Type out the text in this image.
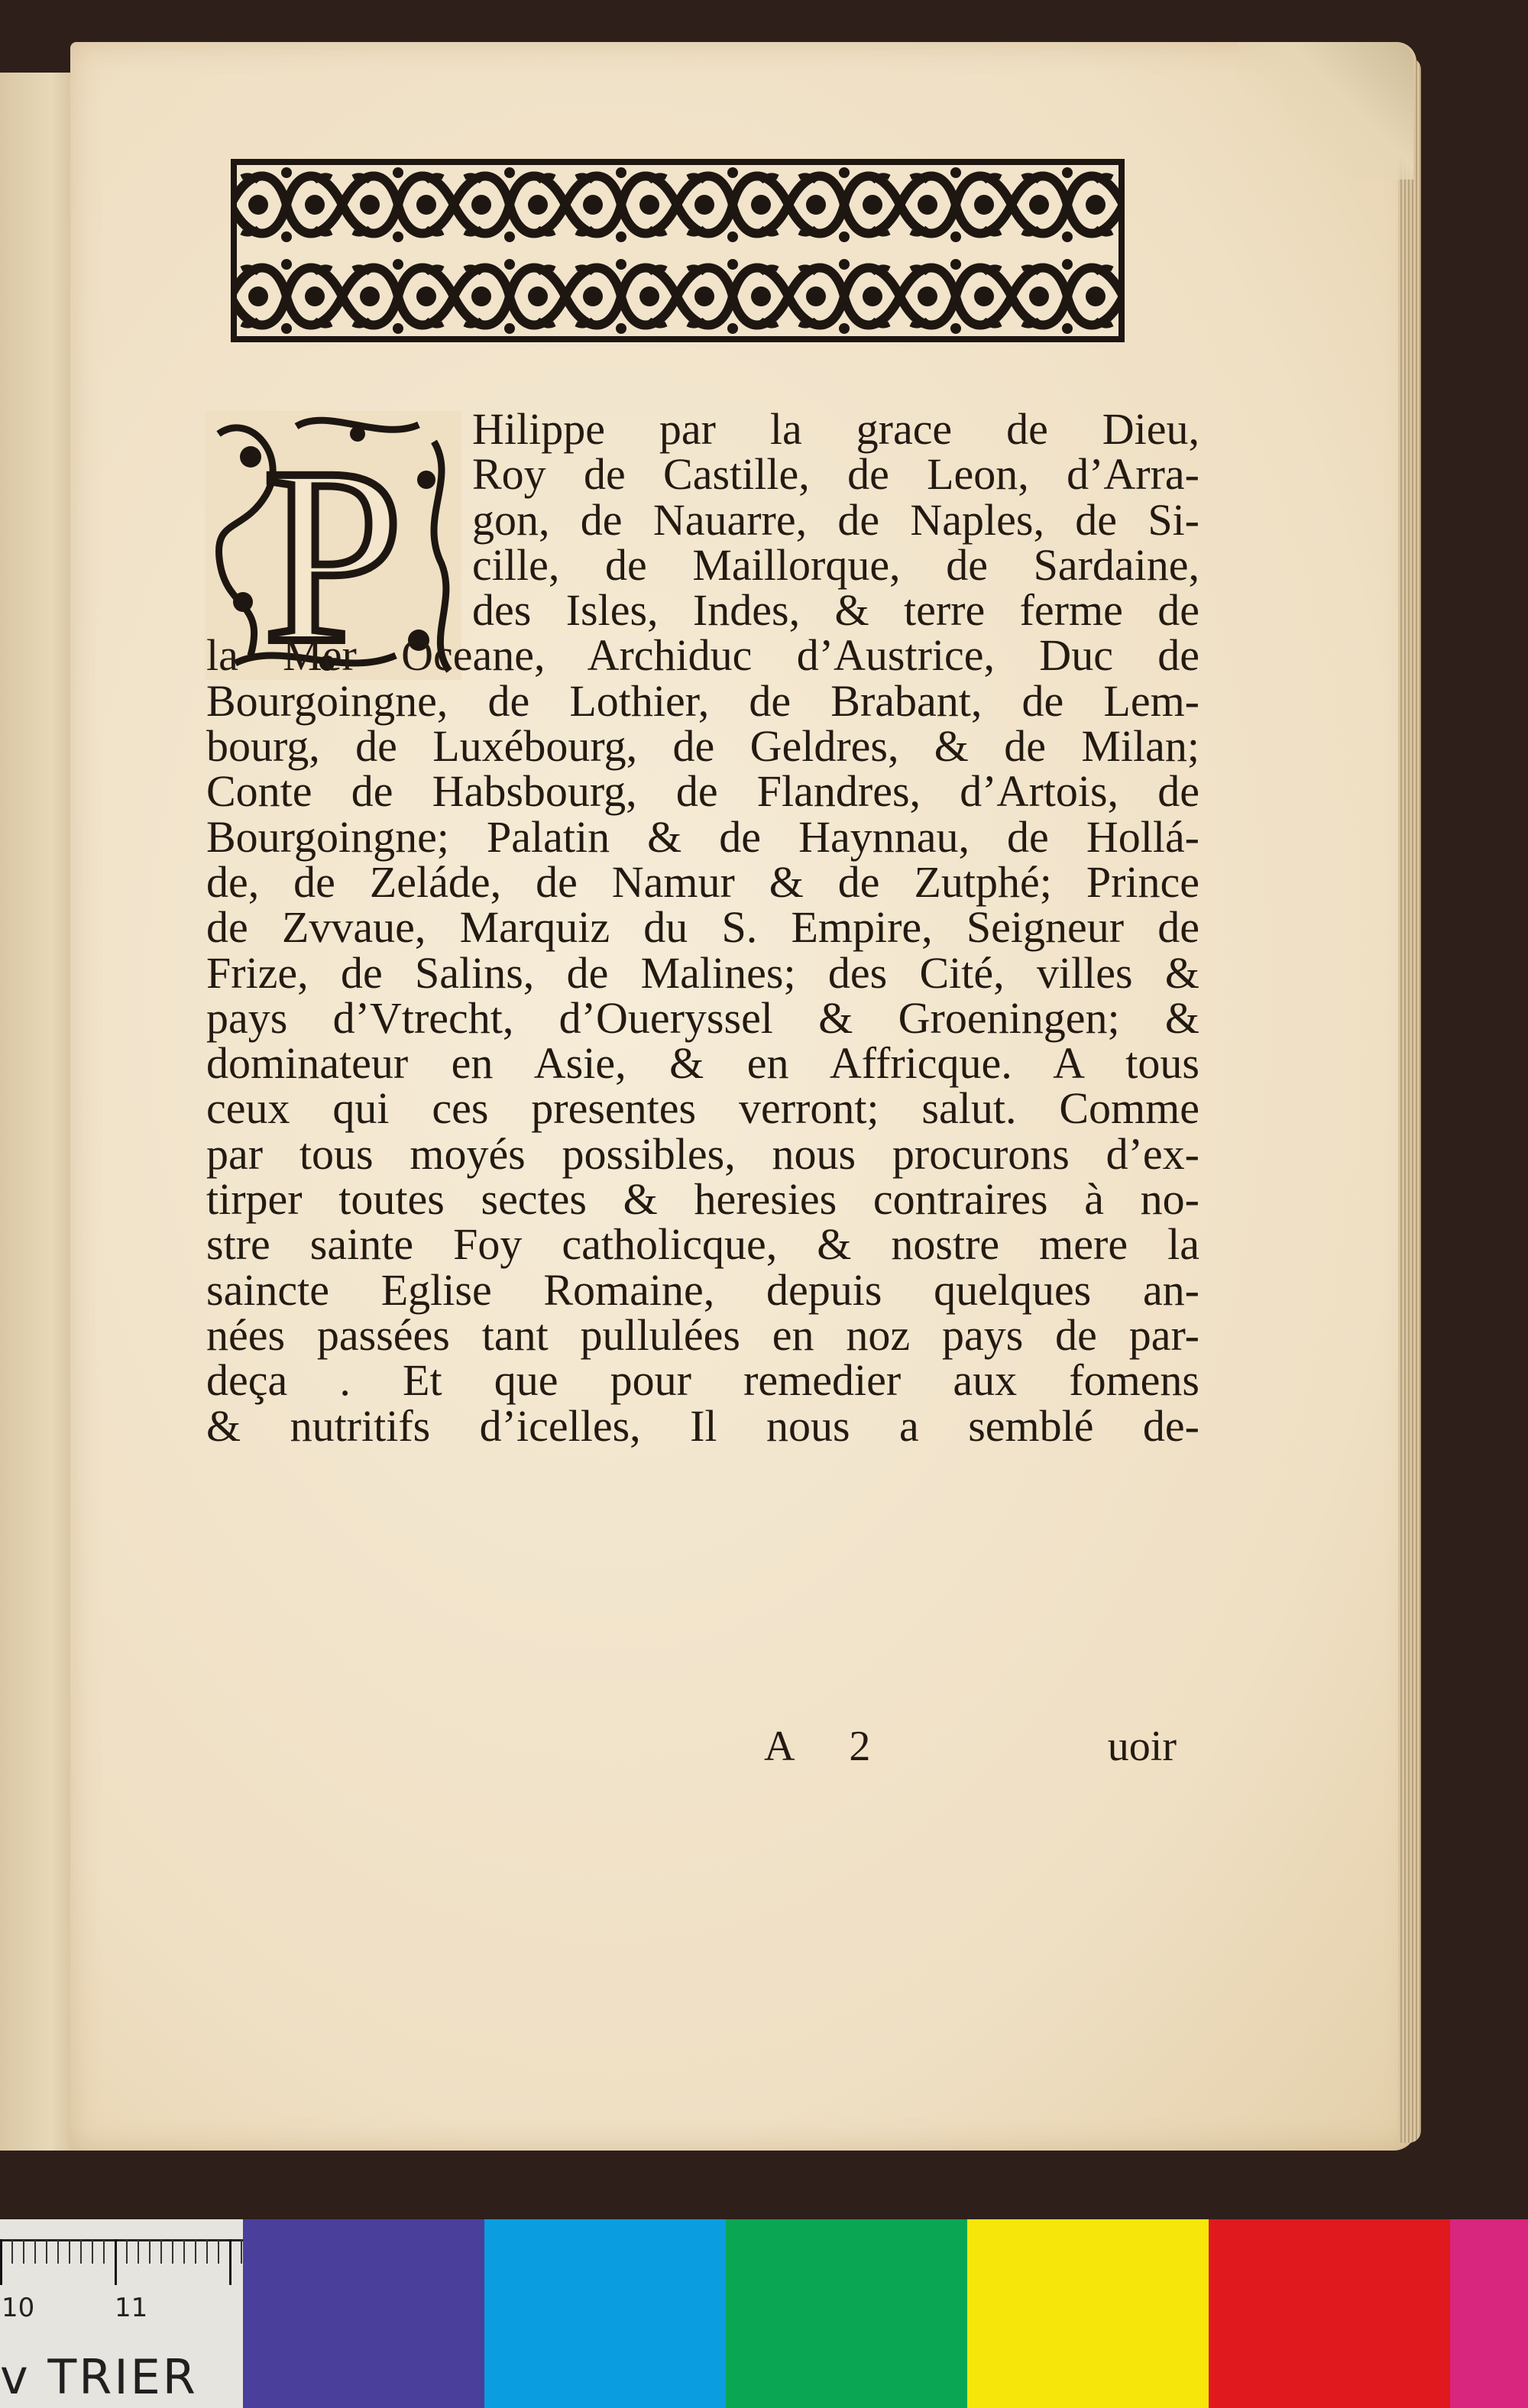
P	Hilippe par la grace de Dieu,
Roy de Castille, de Leon, d’Arra-
gon, de Nauarre, de Naples, de Si-
cille, de Maillorque, de Sardaine,
des Isles, Indes, & terre ferme de
la Mer Oceane, Archiduc d’Austrice, Duc de
Bourgoingne, de Lothier, de Brabant, de Lem-
bourg, de Luxébourg, de Geldres, & de Milan;
Conte de Habsbourg, de Flandres, d’Artois, de
Bourgoingne; Palatin & de Haynnau, de Hollá-
de, de Zeláde, de Namur & de Zutphé; Prince
de Zvvaue, Marquiz du S. Empire, Seigneur de
Frize, de Salins, de Malines; des Cité, villes &
pays d’Vtrecht, d’Oueryssel & Groeningen; &
dominateur en Asie, & en Affricque. A tous
ceux qui ces presentes verront; salut. Comme
par tous moyés possibles, nous procurons d’ex-
tirper toutes sectes & heresies contraires à no-
stre sainte Foy catholicque, & nostre mere la
saincte Eglise Romaine, depuis quelques an-
nées passées tant pullulées en noz pays de par-
deça . Et que pour remedier aux fomens
& nutritifs d’icelles, Il nous a semblé de-
A 2	uoir
10	11
v TRIER
